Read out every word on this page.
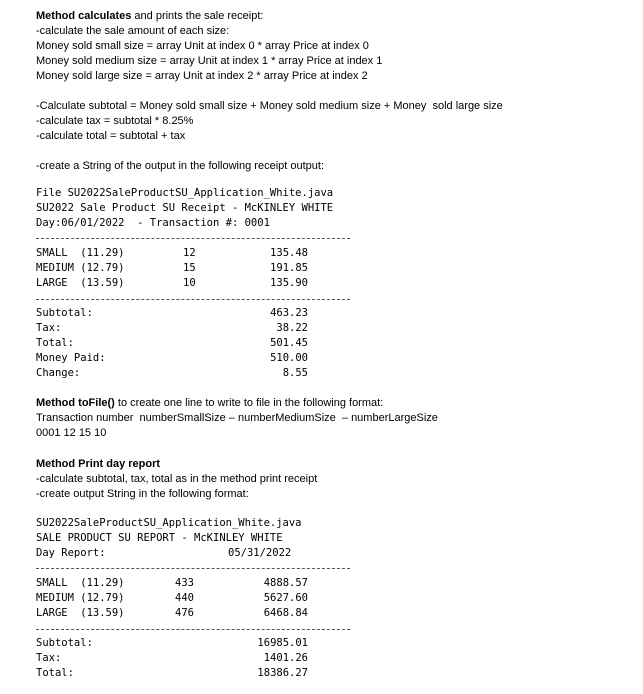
Method calculates and prints the sale receipt:
-calculate the sale amount of each size:
Money sold small size = array Unit at index 0 * array Price at index 0
Money sold medium size = array Unit at index 1 * array Price at index 1
Money sold large size = array Unit at index 2 * array Price at index 2
-Calculate subtotal = Money sold small size + Money sold medium size + Money  sold large size
-calculate tax = subtotal * 8.25%
-calculate total = subtotal + tax
-create a String of the output in the following receipt output:
File SU2022SaleProductSU_Application_White.java
SU2022 Sale Product SU Receipt - McKINLEY WHITE
Day:06/01/2022  - Transaction #: 0001
SMALL  (11.29)	12	135.48
MEDIUM (12.79)	15	191.85
LARGE  (13.59)	10	135.90
Subtotal:	463.23
Tax:	38.22
Total:	501.45
Money Paid:	510.00
Change:	8.55
Method toFile() to create one line to write to file in the following format:
Transaction number  numberSmallSize – numberMediumSize  – numberLargeSize
0001 12 15 10
Method Print day report
-calculate subtotal, tax, total as in the method print receipt
-create output String in the following format:
SU2022SaleProductSU_Application_White.java
SALE PRODUCT SU REPORT - McKINLEY WHITE
Day Report:	05/31/2022
SMALL  (11.29)	433	4888.57
MEDIUM (12.79)	440	5627.60
LARGE  (13.59)	476	6468.84
Subtotal:	16985.01
Tax:	1401.26
Total:	18386.27
